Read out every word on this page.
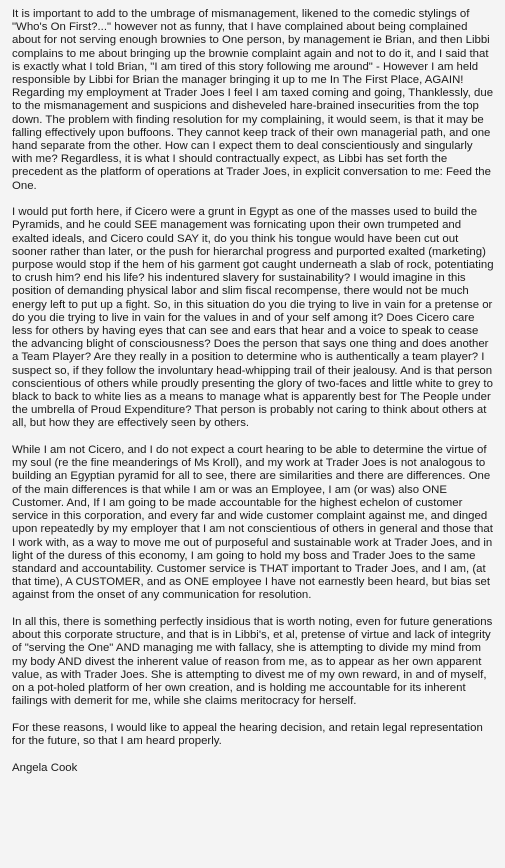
It is important to add to the umbrage of mismanagement, likened to the comedic stylings of "Who's On First?..." however not as funny, that I have complained about being complained about for not serving enough brownies to One person, by management ie Brian, and then Libbi complains to me about bringing up the brownie complaint again and not to do it, and I said that is exactly what I told Brian, "I am tired of this story following me around" - However I am held responsible by Libbi for Brian the manager bringing it up to me In The First Place, AGAIN! Regarding my employment at Trader Joes I feel I am taxed coming and going, Thanklessly, due to the mismanagement and suspicions and disheveled hare-brained insecurities from the top down. The problem with finding resolution for my complaining, it would seem, is that it may be falling effectively upon buffoons. They cannot keep track of their own managerial path, and one hand separate from the other. How can I expect them to deal conscientiously and singularly with me? Regardless, it is what I should contractually expect, as Libbi has set forth the precedent as the platform of operations at Trader Joes, in explicit conversation to me: Feed the One.

I would put forth here, if Cicero were a grunt in Egypt as one of the masses used to build the Pyramids, and he could SEE management was fornicating upon their own trumpeted and exalted ideals, and Cicero could SAY it, do you think his tongue would have been cut out sooner rather than later, or the push for hierarchal progress and purported exalted (marketing) purpose would stop if the hem of his garment got caught underneath a slab of rock, potentiating to crush him? end his life? his indentured slavery for sustainability? I would imagine in this position of demanding physical labor and slim fiscal recompense, there would not be much energy left to put up a fight. So, in this situation do you die trying to live in vain for a pretense or do you die trying to live in vain for the values in and of your self among it? Does Cicero care less for others by having eyes that can see and ears that hear and a voice to speak to cease the advancing blight of consciousness? Does the person that says one thing and does another a Team Player? Are they really in a position to determine who is authentically a team player? I suspect so, if they follow the involuntary head-whipping trail of their jealousy. And is that person conscientious of others while proudly presenting the glory of two-faces and little white to grey to black to back to white lies as a means to manage what is apparently best for The People under the umbrella of Proud Expenditure? That person is probably not caring to think about others at all, but how they are effectively seen by others.

While I am not Cicero, and I do not expect a court hearing to be able to determine the virtue of my soul (re the fine meanderings of Ms Kroll), and my work at Trader Joes is not analogous to building an Egyptian pyramid for all to see, there are similarities and there are differences. One of the main differences is that while I am or was an Employee, I am (or was) also ONE Customer. And, If I am going to be made accountable for the highest echelon of customer service in this corporation, and every far and wide customer complaint against me, and dinged upon repeatedly by my employer that I am not conscientious of others in general and those that I work with, as a way to move me out of purposeful and sustainable work at Trader Joes, and in light of the duress of this economy, I am going to hold my boss and Trader Joes to the same standard and accountability. Customer service is THAT important to Trader Joes, and I am, (at that time), A CUSTOMER, and as ONE employee I have not earnestly been heard, but bias set against from the onset of any communication for resolution.

In all this, there is something perfectly insidious that is worth noting, even for future generations about this corporate structure, and that is in Libbi's, et al, pretense of virtue and lack of integrity of "serving the One" AND managing me with fallacy, she is attempting to divide my mind from my body AND divest the inherent value of reason from me, as to appear as her own apparent value, as with Trader Joes. She is attempting to divest me of my own reward, in and of myself, on a pot-holed platform of her own creation, and is holding me accountable for its inherent failings with demerit for me, while she claims meritocracy for herself.

For these reasons, I would like to appeal the hearing decision, and retain legal representation for the future, so that I am heard properly.

Angela Cook
